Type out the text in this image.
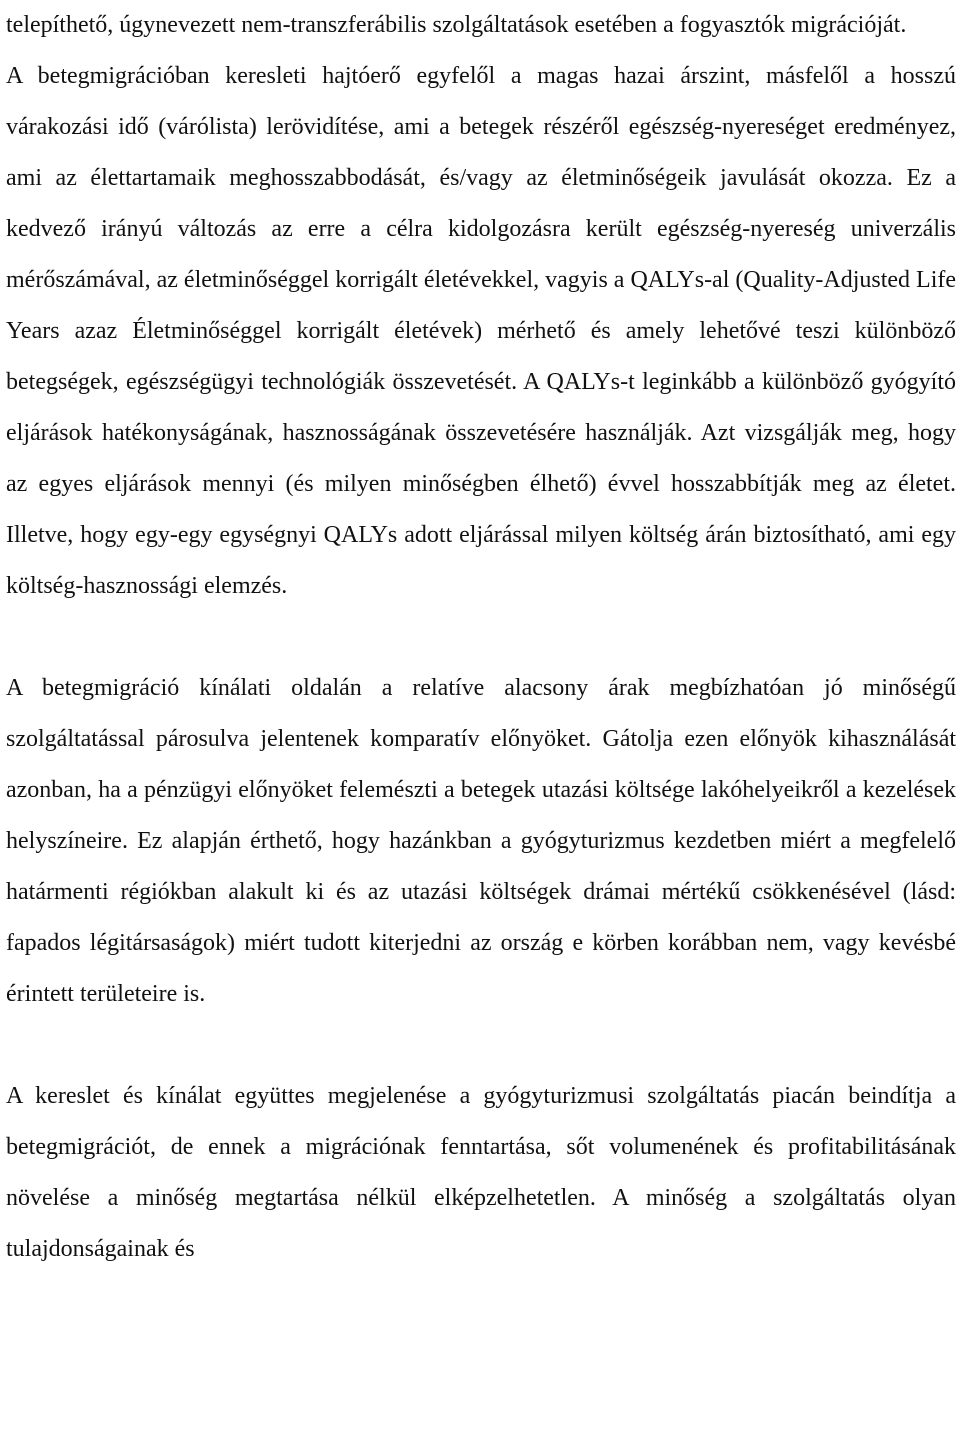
telepíthető, úgynevezett nem-transzferábilis szolgáltatások esetében a fogyasztók migrációját.

A betegmigrációban keresleti hajtóerő egyfelől a magas hazai árszint, másfelől a hosszú várakozási idő (várólista) lerövidítése, ami a betegek részéről egészség-nyereséget eredményez, ami az élettartamaik meghosszabbodását, és/vagy az életminőségeik javulását okozza. Ez a kedvező irányú változás az erre a célra kidolgozásra került egészség-nyereség univerzális mérőszámával, az életminőséggel korrigált életévekkel, vagyis a QALYs-al (Quality-Adjusted Life Years azaz Életminőséggel korrigált életévek) mérhető és amely lehetővé teszi különböző betegségek, egészségügyi technológiák összevetését. A QALYs-t leginkább a különböző gyógyító eljárások hatékonyságának, hasznosságának összevetésére használják. Azt vizsgálják meg, hogy az egyes eljárások mennyi (és milyen minőségben élhető) évvel hosszabbítják meg az életet. Illetve, hogy egy-egy egységnyi QALYs adott eljárással milyen költség árán biztosítható, ami egy költség-hasznossági elemzés.

A betegmigráció kínálati oldalán a relatíve alacsony árak megbízhatóan jó minőségű szolgáltatással párosulva jelentenek komparatív előnyöket. Gátolja ezen előnyök kihasználását azonban, ha a pénzügyi előnyöket felemészti a betegek utazási költsége lakóhelyeikről a kezelések helyszíneire. Ez alapján érthető, hogy hazánkban a gyógyturizmus kezdetben miért a megfelelő határmenti régiókban alakult ki és az utazási költségek drámai mértékű csökkenésével (lásd: fapados légitársaságok) miért tudott kiterjedni az ország e körben korábban nem, vagy kevésbé érintett területeire is.

A kereslet és kínálat együttes megjelenése a gyógyturizmusi szolgáltatás piacán beindítja a betegmigrációt, de ennek a migrációnak fenntartása, sőt volumenének és profitabilitásának növelése a minőség megtartása nélkül elképzelhetetlen. A minőség a szolgáltatás olyan tulajdonságainak és
